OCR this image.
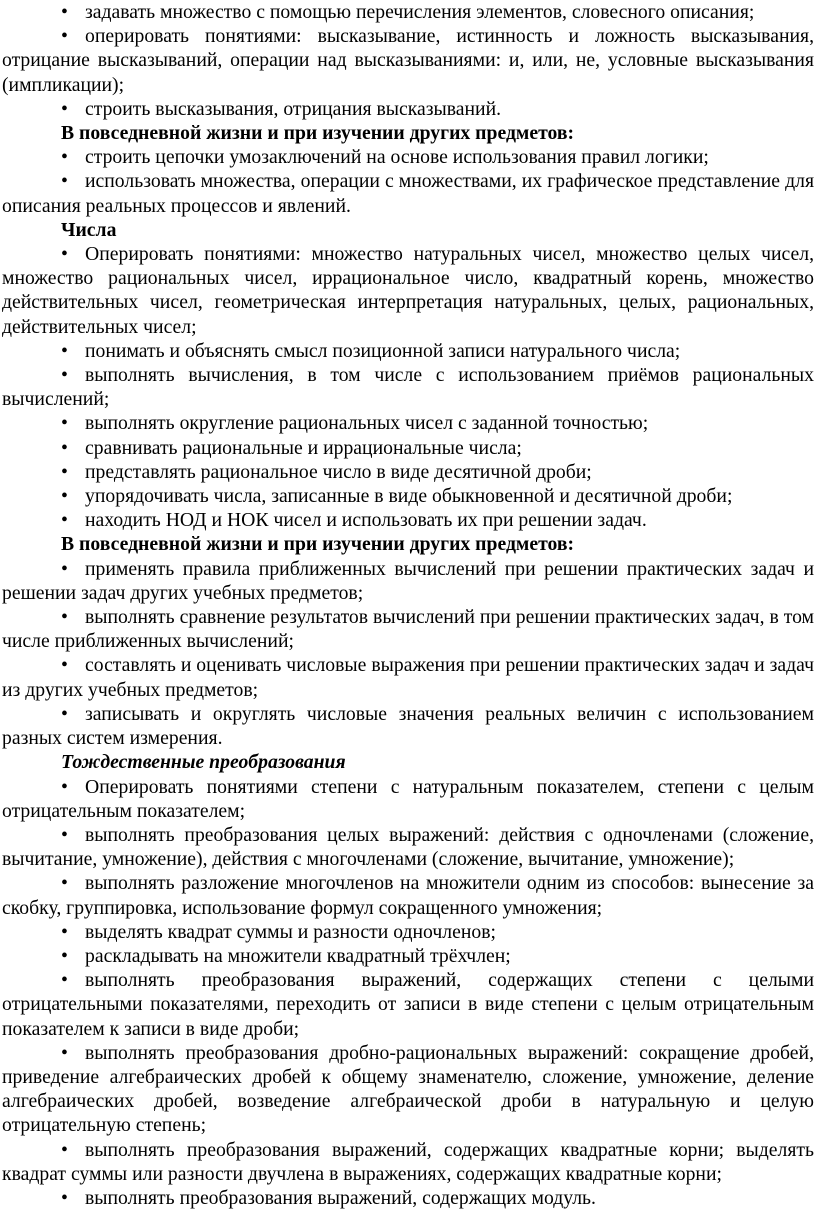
• задавать множество с помощью перечисления элементов, словесного описания;

• оперировать понятиями: высказывание, истинность и ложность высказывания, отрицание высказываний, операции над высказываниями: и, или, не, условные высказывания (импликации);

• строить высказывания, отрицания высказываний.

В повседневной жизни и при изучении других предметов:

• строить цепочки умозаключений на основе использования правил логики;

• использовать множества, операции с множествами, их графическое представление для описания реальных процессов и явлений.

Числа

• Оперировать понятиями: множество натуральных чисел, множество целых чисел, множество рациональных чисел, иррациональное число, квадратный корень, множество действительных чисел, геометрическая интерпретация натуральных, целых, рациональных, действительных чисел;

• понимать и объяснять смысл позиционной записи натурального числа;

• выполнять вычисления, в том числе с использованием приёмов рациональных вычислений;

• выполнять округление рациональных чисел с заданной точностью;

• сравнивать рациональные и иррациональные числа;

• представлять рациональное число в виде десятичной дроби;

• упорядочивать числа, записанные в виде обыкновенной и десятичной дроби;

• находить НОД и НОК чисел и использовать их при решении задач.

В повседневной жизни и при изучении других предметов:

• применять правила приближенных вычислений при решении практических задач и решении задач других учебных предметов;

• выполнять сравнение результатов вычислений при решении практических задач, в том числе приближенных вычислений;

• составлять и оценивать числовые выражения при решении практических задач и задач из других учебных предметов;

• записывать и округлять числовые значения реальных величин с использованием разных систем измерения.

Тождественные преобразования

• Оперировать понятиями степени с натуральным показателем, степени с целым отрицательным показателем;

• выполнять преобразования целых выражений: действия с одночленами (сложение, вычитание, умножение), действия с многочленами (сложение, вычитание, умножение);

• выполнять разложение многочленов на множители одним из способов: вынесение за скобку, группировка, использование формул сокращенного умножения;

• выделять квадрат суммы и разности одночленов;

• раскладывать на множители квадратный трёхчлен;

• выполнять преобразования выражений, содержащих степени с целыми отрицательными показателями, переходить от записи в виде степени с целым отрицательным показателем к записи в виде дроби;

• выполнять преобразования дробно-рациональных выражений: сокращение дробей, приведение алгебраических дробей к общему знаменателю, сложение, умножение, деление алгебраических дробей, возведение алгебраической дроби в натуральную и целую отрицательную степень;

• выполнять преобразования выражений, содержащих квадратные корни; выделять квадрат суммы или разности двучлена в выражениях, содержащих квадратные корни;

• выполнять преобразования выражений, содержащих модуль.
